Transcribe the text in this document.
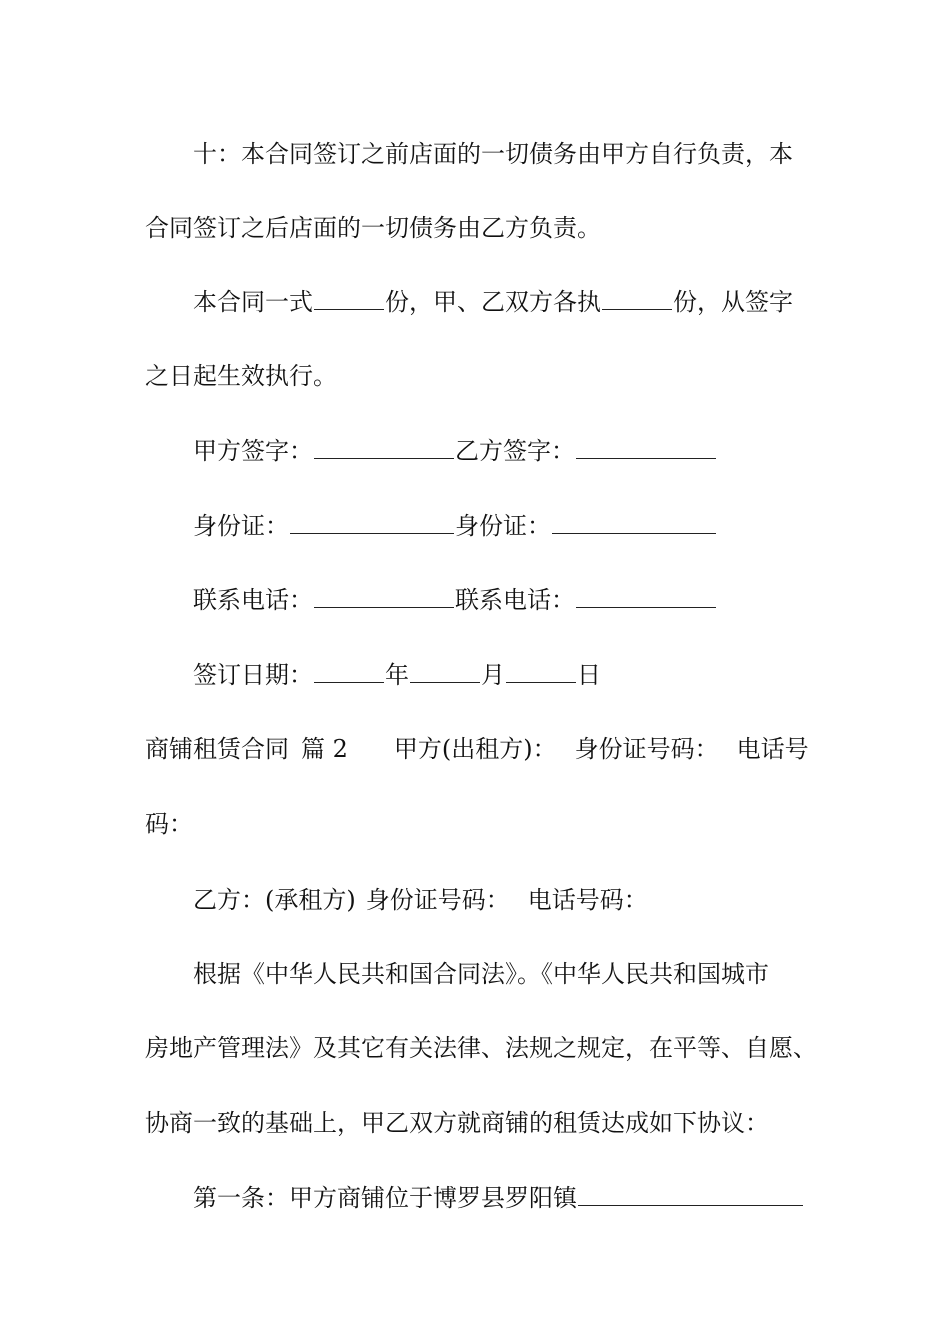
十：本合同签订之前店面的一切债务由甲方自行负责，本
合同签订之后店面的一切债务由乙方负责。
本合同一式	份，甲、乙双方各执	份，从签字
之日起生效执行。
甲方签字：	乙方签字：
身份证：	身份证：
联系电话：	联系电话：
签订日期：	年	月	日
商铺租赁合同 篇 2 甲方(出租方)： 身份证号码： 电话号
码：
乙方：(承租方) 身份证号码： 电话号码：
根据《中华人民共和国合同法》。《中华人民共和国城市
房地产管理法》及其它有关法律、法规之规定，在平等、自愿、
协商一致的基础上，甲乙双方就商铺的租赁达成如下协议：
第一条：甲方商铺位于博罗县罗阳镇
